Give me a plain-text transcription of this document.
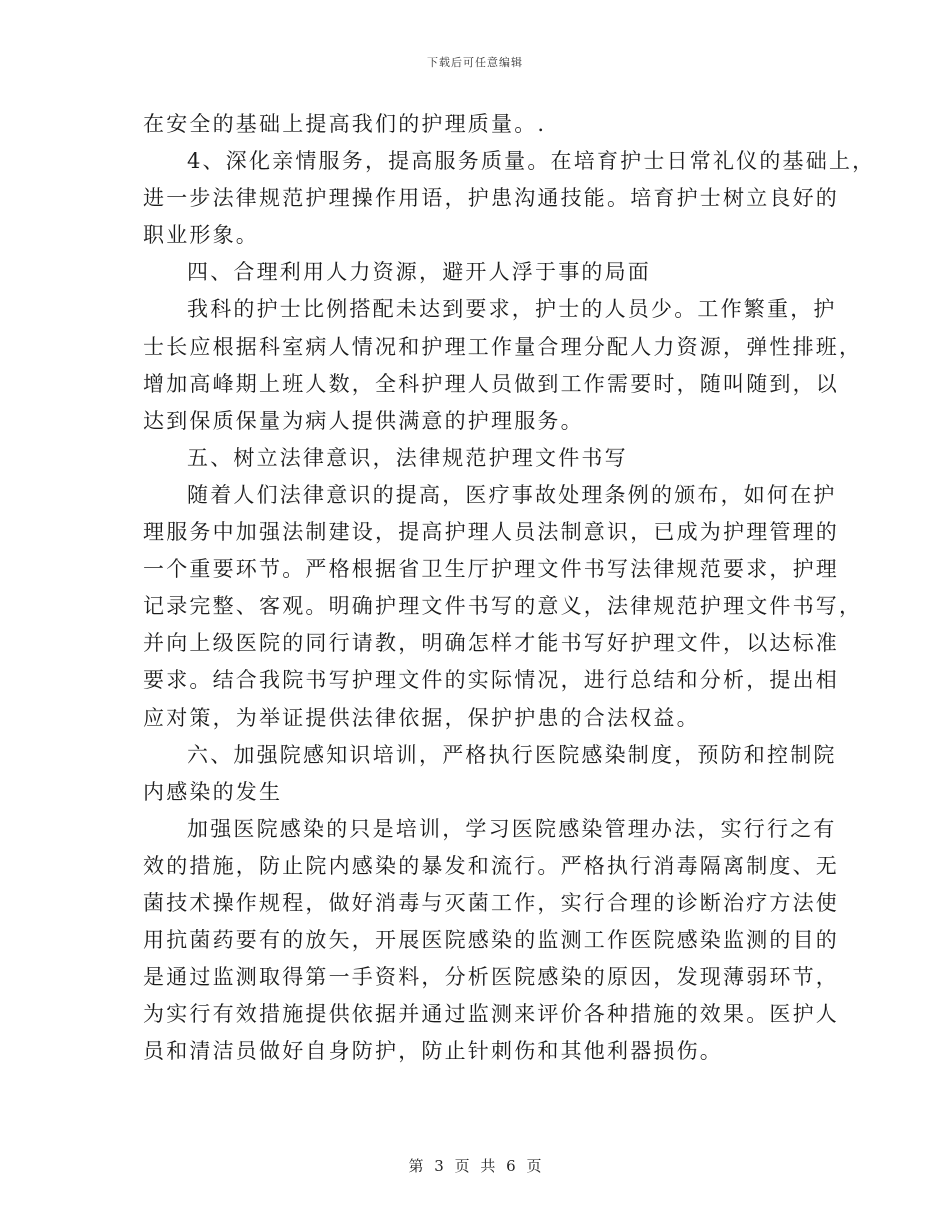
下载后可任意编辑
在安全的基础上提高我们的护理质量。.
4、深化亲情服务，提高服务质量。在培育护士日常礼仪的基础上，
进一步法律规范护理操作用语，护患沟通技能。培育护士树立良好的
职业形象。
四、合理利用人力资源，避开人浮于事的局面
我科的护士比例搭配未达到要求，护士的人员少。工作繁重，护
士长应根据科室病人情况和护理工作量合理分配人力资源，弹性排班，
增加高峰期上班人数，全科护理人员做到工作需要时，随叫随到，以
达到保质保量为病人提供满意的护理服务。
五、树立法律意识，法律规范护理文件书写
随着人们法律意识的提高，医疗事故处理条例的颁布，如何在护
理服务中加强法制建设，提高护理人员法制意识，已成为护理管理的
一个重要环节。严格根据省卫生厅护理文件书写法律规范要求，护理
记录完整、客观。明确护理文件书写的意义，法律规范护理文件书写，
并向上级医院的同行请教，明确怎样才能书写好护理文件，以达标准
要求。结合我院书写护理文件的实际情况，进行总结和分析，提出相
应对策，为举证提供法律依据，保护护患的合法权益。
六、加强院感知识培训，严格执行医院感染制度，预防和控制院
内感染的发生
加强医院感染的只是培训，学习医院感染管理办法，实行行之有
效的措施，防止院内感染的暴发和流行。严格执行消毒隔离制度、无
菌技术操作规程，做好消毒与灭菌工作，实行合理的诊断治疗方法使
用抗菌药要有的放矢，开展医院感染的监测工作医院感染监测的目的
是通过监测取得第一手资料，分析医院感染的原因，发现薄弱环节，
为实行有效措施提供依据并通过监测来评价各种措施的效果。医护人
员和清洁员做好自身防护，防止针刺伤和其他利器损伤。
第 3 页 共 6 页
